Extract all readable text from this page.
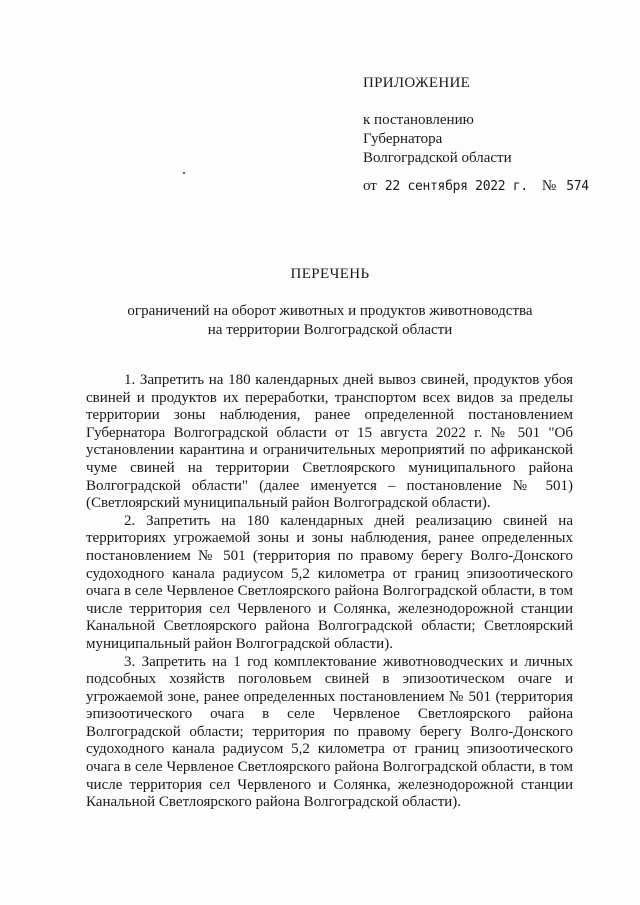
ПРИЛОЖЕНИЕ
к постановлению
Губернатора
Волгоградской области
от 22 сентября 2022 г. № 574
ПЕРЕЧЕНЬ
ограничений на оборот животных и продуктов животноводства
на территории Волгоградской области

1. Запретить на 180 календарных дней вывоз свиней, продуктов убоя свиней и продуктов их переработки, транспортом всех видов за пределы территории зоны наблюдения, ранее определенной постановлением Губернатора Волгоградской области от 15 августа 2022 г. № 501 "Об установлении карантина и ограничительных мероприятий по африканской чуме свиней на территории Светлоярского муниципального района Волгоградской области" (далее именуется – постановление № 501) (Светлоярский муниципальный район Волгоградской области).

2. Запретить на 180 календарных дней реализацию свиней на территориях угрожаемой зоны и зоны наблюдения, ранее определенных постановлением № 501 (территория по правому берегу Волго-Донского судоходного канала радиусом 5,2 километра от границ эпизоотического очага в селе Червленое Светлоярского района Волгоградской области, в том числе территория сел Червленого и Солянка, железнодорожной станции Канальной Светлоярского района Волгоградской области; Светлоярский муниципальный район Волгоградской области).

3. Запретить на 1 год комплектование животноводческих и личных подсобных хозяйств поголовьем свиней в эпизоотическом очаге и угрожаемой зоне, ранее определенных постановлением № 501 (территория эпизоотического очага в селе Червленое Светлоярского района Волгоградской области; территория по правому берегу Волго-Донского судоходного канала радиусом 5,2 километра от границ эпизоотического очага в селе Червленое Светлоярского района Волгоградской области, в том числе территория сел Червленого и Солянка, железнодорожной станции Канальной Светлоярского района Волгоградской области).
